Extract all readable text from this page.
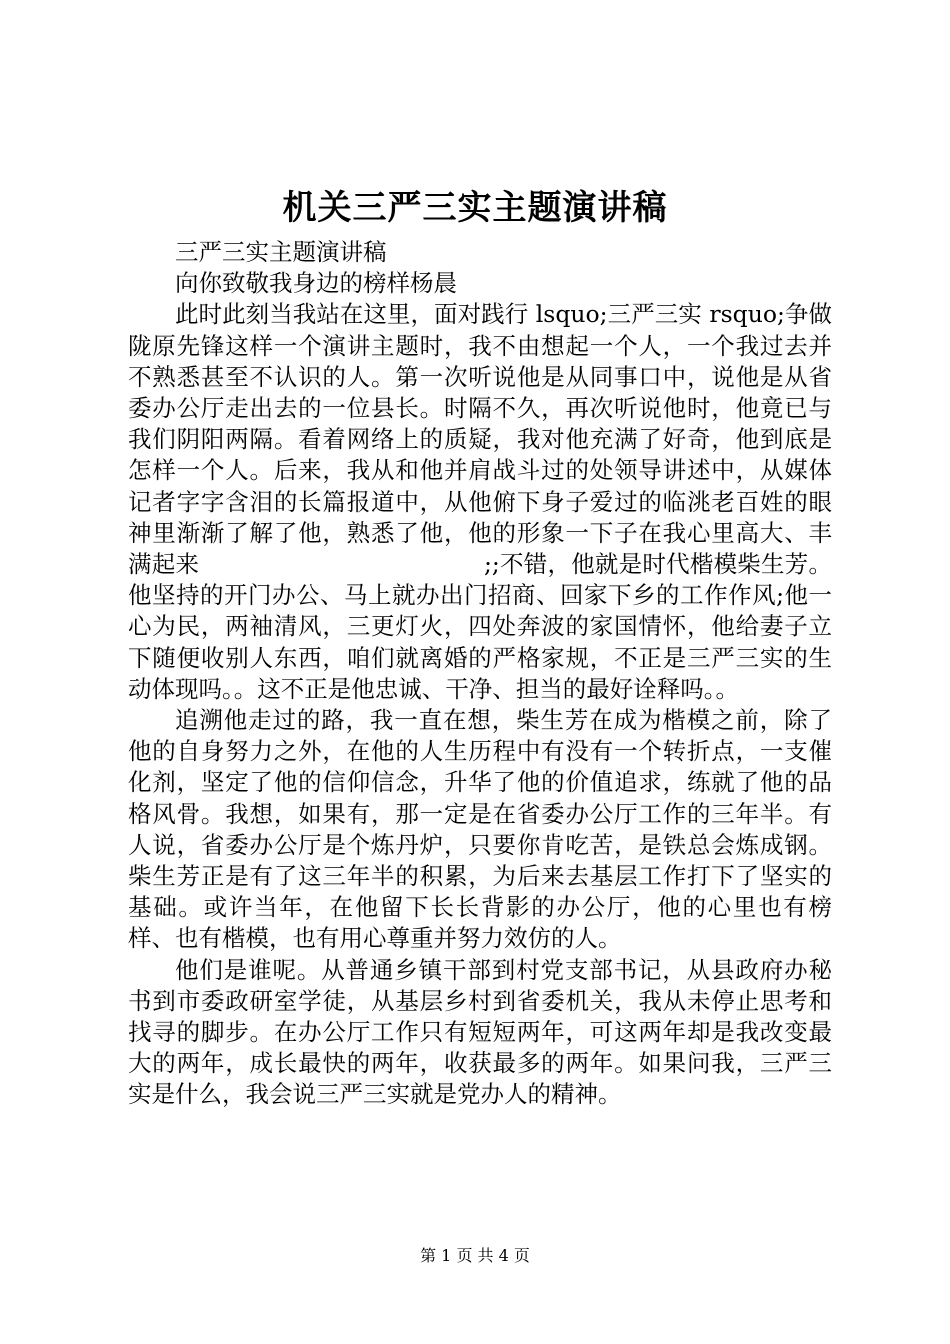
机关三严三实主题演讲稿

三严三实主题演讲稿

向你致敬我身边的榜样杨晨

此时此刻当我站在这里，面对践行 lsquo;三严三实 rsquo;争做陇原先锋这样一个演讲主题时，我不由想起一个人，一个我过去并不熟悉甚至不认识的人。第一次听说他是从同事口中，说他是从省委办公厅走出去的一位县长。时隔不久，再次听说他时，他竟已与我们阴阳两隔。看着网络上的质疑，我对他充满了好奇，他到底是怎样一个人。后来，我从和他并肩战斗过的处领导讲述中，从媒体记者字字含泪的长篇报道中，从他俯下身子爱过的临洮老百姓的眼神里渐渐了解了他，熟悉了他，他的形象一下子在我心里高大、丰满起来　　　　　　　　　　　　;;不错，他就是时代楷模柴生芳。他坚持的开门办公、马上就办出门招商、回家下乡的工作作风;他一心为民，两袖清风，三更灯火，四处奔波的家国情怀，他给妻子立下随便收别人东西，咱们就离婚的严格家规，不正是三严三实的生动体现吗。。这不正是他忠诚、干净、担当的最好诠释吗。。

追溯他走过的路，我一直在想，柴生芳在成为楷模之前，除了他的自身努力之外，在他的人生历程中有没有一个转折点，一支催化剂，坚定了他的信仰信念，升华了他的价值追求，练就了他的品格风骨。我想，如果有，那一定是在省委办公厅工作的三年半。有人说，省委办公厅是个炼丹炉，只要你肯吃苦，是铁总会炼成钢。柴生芳正是有了这三年半的积累，为后来去基层工作打下了坚实的基础。或许当年，在他留下长长背影的办公厅，他的心里也有榜样、也有楷模，也有用心尊重并努力效仿的人。

他们是谁呢。从普通乡镇干部到村党支部书记，从县政府办秘书到市委政研室学徒，从基层乡村到省委机关，我从未停止思考和找寻的脚步。在办公厅工作只有短短两年，可这两年却是我改变最大的两年，成长最快的两年，收获最多的两年。如果问我，三严三实是什么，我会说三严三实就是党办人的精神。

第 1 页 共 4 页
